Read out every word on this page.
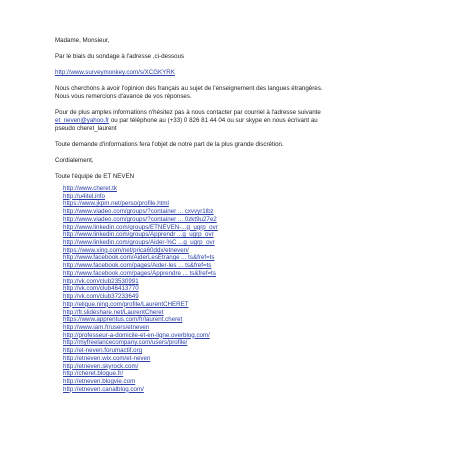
Madame, Monsieur,
Par le biais du sondage à l'adresse ,ci-dessous
http://www.surveymonkey.com/s/XCGKYRK
Nous cherchons à avoir l'opinion des français au sujet de l'enseignement des langues étrangères.
Nous vous remercions d'avance de vos réponses.
Pour de plus amples informations n'hésitez pas à nous contacter par courriel à l'adresse suivante
et_neven@yahoo.fr ou par téléphone au (+33) 0 826 81 44 04 ou sur skype en nous écrivant au
pseudo cheret_laurent
Toute demande d'informations fera l'objet de notre part de la plus grande discrétion.
Cordialement,
Toute l'équipe de ET NEVEN
http://www.cheret.tk
http://u4itel.info
https://www.jkpm.net/perso/profile.html
http://www.viadeo.com/groups/?container ... cxvvyr1lbz
http://www.viadeo.com/groups/?container ... 0zkt9u27e2
http://www.linkedin.com/groups/ETNEVEN-...g_ugrp_ovr
http://www.linkedin.com/groups/Apprendr ...g_ugrp_ovr
http://www.linkedin.com/groups/Aider-%C ...g_ugrp_ovr
https://www.xing.com/net/prica60ddx/etneven/
http://www.facebook.com/AiderLesEtrange ... ts&fref=ts
http://www.facebook.com/pages/Aider-les ... ts&fref=ts
http://www.facebook.com/pages/Apprendre ... ts&fref=ts
http://vk.com/club23530991
http://vk.com/club46413770
http://vk.com/club37233649
http://eligue.ning.com/profile/LaurentCHERET
http://fr.slideshare.net/LaurentCheret
https://www.apprentus.com/fr/laurent.cheret
http://www.iam.fr/users/etneven
http://professeur-a-domicile-et-en-ligne.overblog.com/
http://myfreelancecompany.com/users/profile/
http://et-neven.forumactif.org
http://etneven.wix.com/et-neven
http://etneven.skyrock.com/
http://cheret.blogue.fr/
http://etneven.blogvie.com
http://etneven.canalblog.com/
